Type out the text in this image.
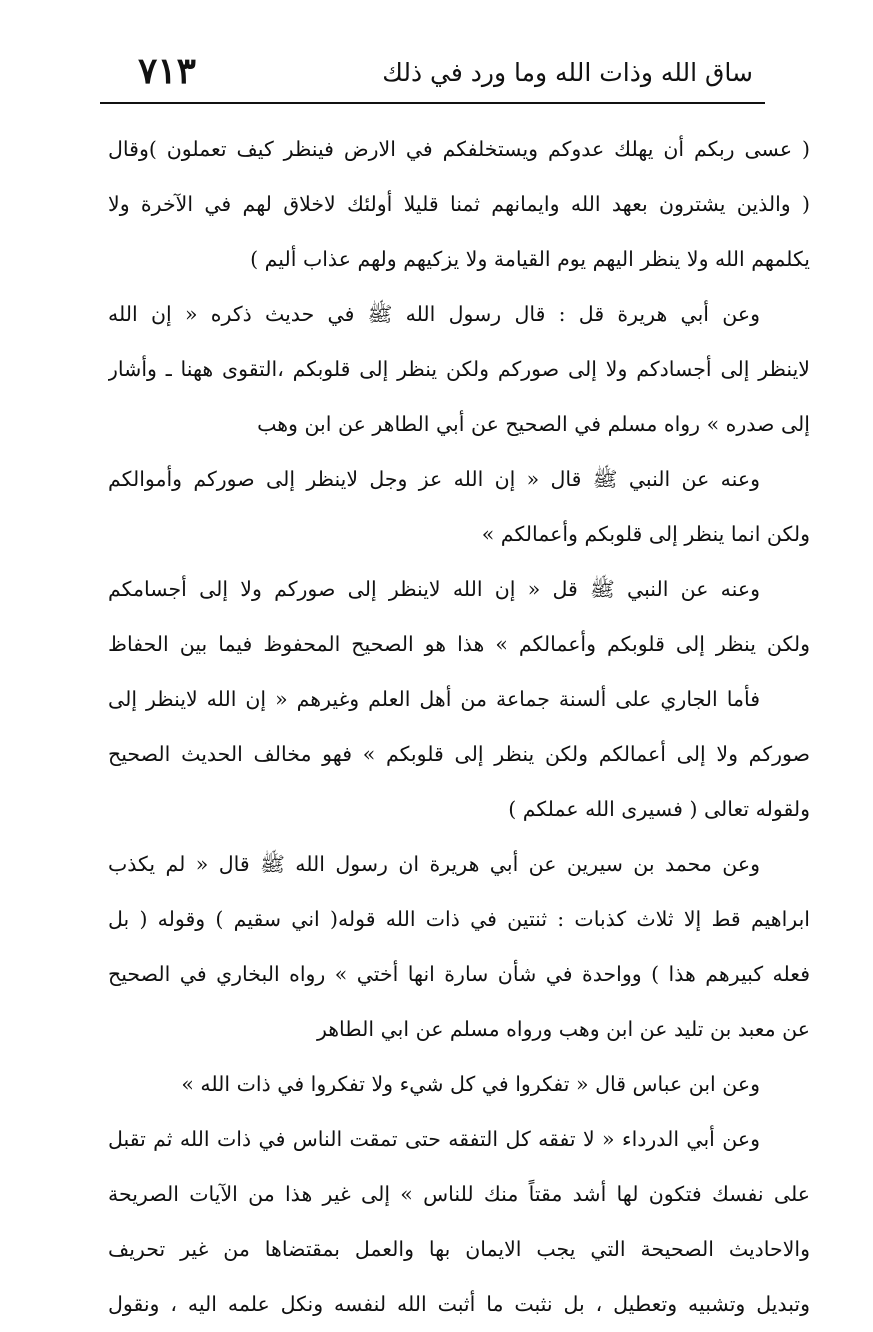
٧١٣	ساق الله وذات الله وما ورد في ذلك
( عسى ربكم أن يهلك عدوكم ويستخلفكم في الارض فينظر كيف تعملون )وقال
( والذين يشترون بعهد الله وايمانهم ثمنا قليلا أولئك لاخلاق لهم في الآخرة ولا
يكلمهم الله ولا ينظر اليهم يوم القيامة ولا يزكيهم ولهم عذاب أليم )
وعن أبي هريرة قل : قال رسول الله ﷺ في حديث ذكره « إن الله
لاينظر إلى أجسادكم ولا إلى صوركم ولكن ينظر إلى قلوبكم ،التقوى ههنا ـ وأشار
إلى صدره » رواه مسلم في الصحيح عن أبي الطاهر عن ابن وهب
وعنه عن النبي ﷺ قال « إن الله عز وجل لاينظر إلى صوركم وأموالكم
ولكن انما ينظر إلى قلوبكم وأعمالكم »
وعنه عن النبي ﷺ قل « إن الله لاينظر إلى صوركم ولا إلى أجسامكم
ولكن ينظر إلى قلوبكم وأعمالكم » هذا هو الصحيح المحفوظ فيما بين الحفاظ
فأما الجاري على ألسنة جماعة من أهل العلم وغيرهم « إن الله لاينظر إلى
صوركم ولا إلى أعمالكم ولكن ينظر إلى قلوبكم » فهو مخالف الحديث الصحيح
ولقوله تعالى ( فسيرى الله عملكم )
وعن محمد بن سيرين عن أبي هريرة ان رسول الله ﷺ قال « لم يكذب
ابراهيم قط إلا ثلاث كذبات : ثنتين في ذات الله قوله( اني سقيم ) وقوله ( بل
فعله كبيرهم هذا ) وواحدة في شأن سارة انها أختي » رواه البخاري في الصحيح
عن معبد بن تليد عن ابن وهب ورواه مسلم عن ابي الطاهر
وعن ابن عباس قال « تفكروا في كل شيء ولا تفكروا في ذات الله »
وعن أبي الدرداء « لا تفقه كل التفقه حتى تمقت الناس في ذات الله ثم تقبل
على نفسك فتكون لها أشد مقتاً منك للناس » إلى غير هذا من الآيات الصريحة
والاحاديث الصحيحة التي يجب الايمان بها والعمل بمقتضاها من غير تحريف
وتبديل وتشبيه وتعطيل ، بل نثبت ما أثبت الله لنفسه ونكل علمه اليه ، ونقول
